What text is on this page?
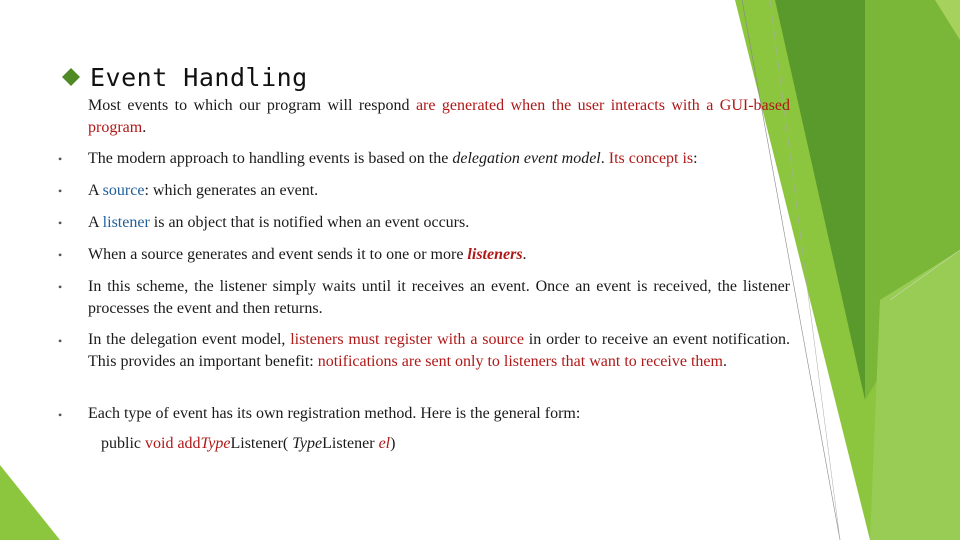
Event Handling
Most events to which our program will respond are generated when the user interacts with a GUI-based program.
• The modern approach to handling events is based on the delegation event model. Its concept is:
• A source: which generates an event.
• A listener is an object that is notified when an event occurs.
• When a source generates and event sends it to one or more listeners.
• In this scheme, the listener simply waits until it receives an event. Once an event is received, the listener processes the event and then returns.
• In the delegation event model, listeners must register with a source in order to receive an event notification. This provides an important benefit: notifications are sent only to listeners that want to receive them.
• Each type of event has its own registration method. Here is the general form:
public void addTypeListener( TypeListener el)
